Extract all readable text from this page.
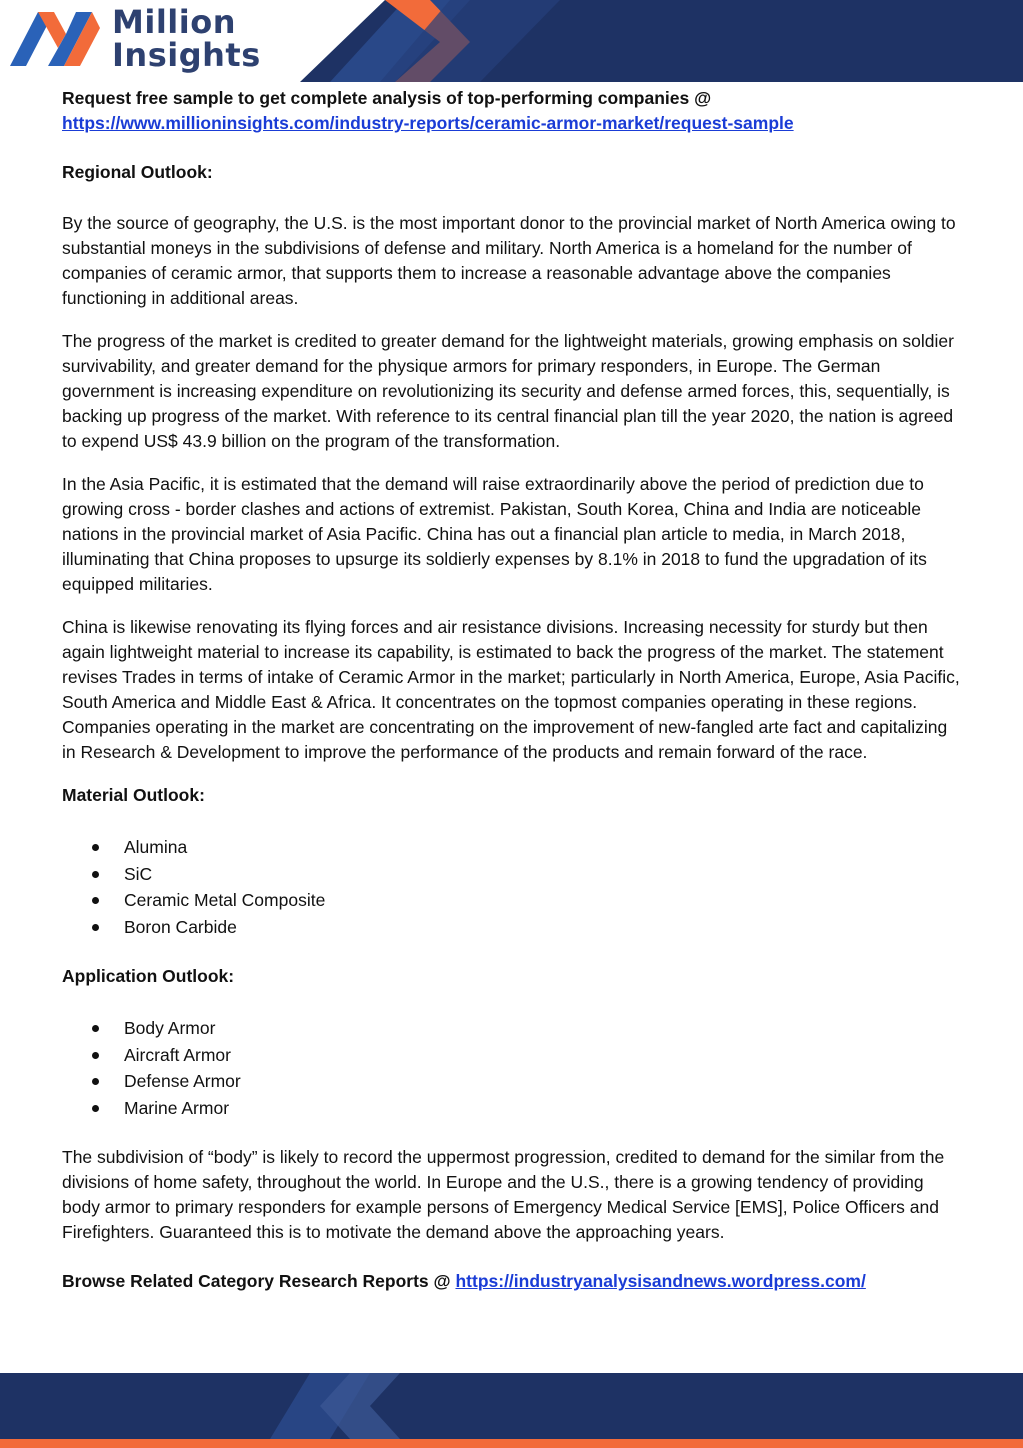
Million
Insights
Request free sample to get complete analysis of top-performing companies @
https://www.millioninsights.com/industry-reports/ceramic-armor-market/request-sample
Regional Outlook:

By the source of geography, the U.S. is the most important donor to the provincial market of North America owing to substantial moneys in the subdivisions of defense and military. North America is a homeland for the number of companies of ceramic armor, that supports them to increase a reasonable advantage above the companies functioning in additional areas.

The progress of the market is credited to greater demand for the lightweight materials, growing emphasis on soldier survivability, and greater demand for the physique armors for primary responders, in Europe. The German government is increasing expenditure on revolutionizing its security and defense armed forces, this, sequentially, is backing up progress of the market. With reference to its central financial plan till the year 2020, the nation is agreed to expend US$ 43.9 billion on the program of the transformation.

In the Asia Pacific, it is estimated that the demand will raise extraordinarily above the period of prediction due to growing cross - border clashes and actions of extremist. Pakistan, South Korea, China and India are noticeable nations in the provincial market of Asia Pacific. China has out a financial plan article to media, in March 2018, illuminating that China proposes to upsurge its soldierly expenses by 8.1% in 2018 to fund the upgradation of its equipped militaries.

China is likewise renovating its flying forces and air resistance divisions. Increasing necessity for sturdy but then again lightweight material to increase its capability, is estimated to back the progress of the market. The statement revises Trades in terms of intake of Ceramic Armor in the market; particularly in North America, Europe, Asia Pacific, South America and Middle East & Africa. It concentrates on the topmost companies operating in these regions. Companies operating in the market are concentrating on the improvement of new-fangled arte fact and capitalizing in Research & Development to improve the performance of the products and remain forward of the race.

Material Outlook:
Alumina
SiC
Ceramic Metal Composite
Boron Carbide
Application Outlook:
Body Armor
Aircraft Armor
Defense Armor
Marine Armor

The subdivision of “body” is likely to record the uppermost progression, credited to demand for the similar from the divisions of home safety, throughout the world. In Europe and the U.S., there is a growing tendency of providing body armor to primary responders for example persons of Emergency Medical Service [EMS], Police Officers and Firefighters. Guaranteed this is to motivate the demand above the approaching years.

Browse Related Category Research Reports @ https://industryanalysisandnews.wordpress.com/
